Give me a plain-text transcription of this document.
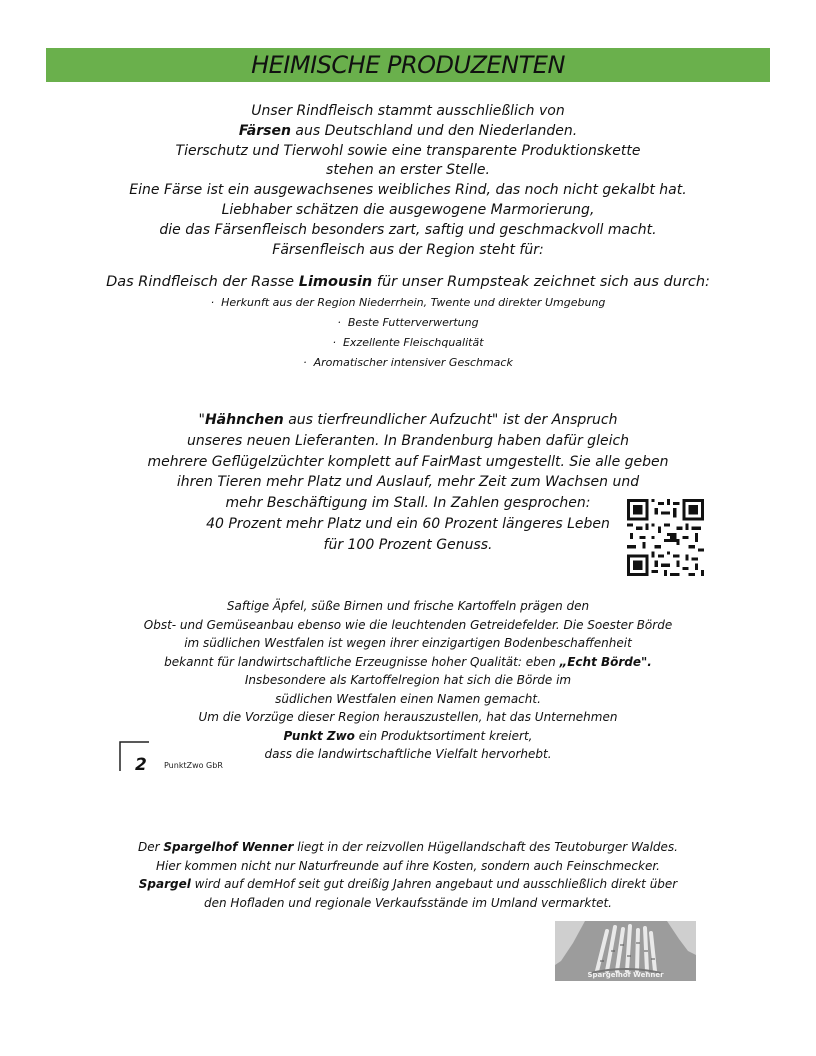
HEIMISCHE PRODUZENTEN
Unser Rindfleisch stammt ausschließlich von
Färsen aus Deutschland und den Niederlanden.
Tierschutz und Tierwohl sowie eine transparente Produktionskette
stehen an erster Stelle.
Eine Färse ist ein ausgewachsenes weibliches Rind, das noch nicht gekalbt hat.
Liebhaber schätzen die ausgewogene Marmorierung,
die das Färsenfleisch besonders zart, saftig und geschmackvoll macht.
Färsenfleisch aus der Region steht für:
Das Rindfleisch der Rasse Limousin für unser Rumpsteak zeichnet sich aus durch:
·  Herkunft aus der Region Niederrhein, Twente und direkter Umgebung
·  Beste Futterverwertung
·  Exzellente Fleischqualität
·  Aromatischer intensiver Geschmack
"Hähnchen aus tierfreundlicher Aufzucht" ist der Anspruch
unseres neuen Lieferanten. In Brandenburg haben dafür gleich
mehrere Geflügelzüchter komplett auf FairMast umgestellt. Sie alle geben
ihren Tieren mehr Platz und Auslauf, mehr Zeit zum Wachsen und
mehr Beschäftigung im Stall. In Zahlen gesprochen:
40 Prozent mehr Platz und ein 60 Prozent längeres Leben
für 100 Prozent Genuss.
Saftige Äpfel, süße Birnen und frische Kartoffeln prägen den
Obst- und Gemüseanbau ebenso wie die leuchtenden Getreidefelder. Die Soester Börde
im südlichen Westfalen ist wegen ihrer einzigartigen Bodenbeschaffenheit
bekannt für landwirtschaftliche Erzeugnisse hoher Qualität: eben „Echt Börde".
Insbesondere als Kartoffelregion hat sich die Börde im
südlichen Westfalen einen Namen gemacht.
Um die Vorzüge dieser Region herauszustellen, hat das Unternehmen
Punkt Zwo ein Produktsortiment kreiert,
dass die landwirtschaftliche Vielfalt hervorhebt.
2 PunktZwo GbR
Der Spargelhof Wenner liegt in der reizvollen Hügellandschaft des Teutoburger Waldes.
Hier kommen nicht nur Naturfreunde auf ihre Kosten, sondern auch Feinschmecker.
Spargel wird auf demHof seit gut dreißig Jahren angebaut und ausschließlich direkt über
den Hofladen und regionale Verkaufsstände im Umland vermarktet.
Spargelhof Wenner
